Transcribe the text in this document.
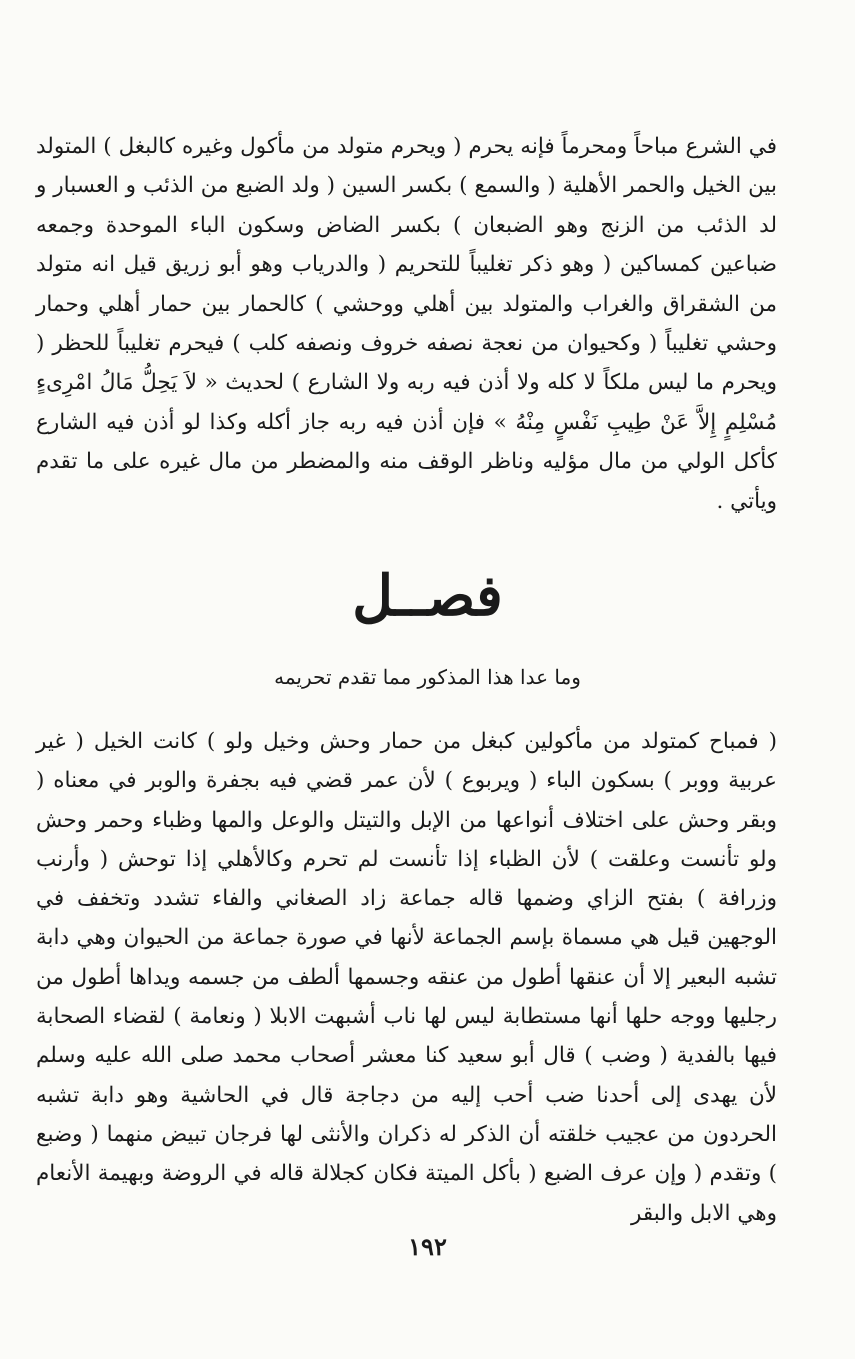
في الشرع مباحاً ومحرماً فإنه يحرم ( ويحرم متولد من مأكول وغيره كالبغل ) المتولد بين الخيل والحمر الأهلية ( والسمع ) بكسر السين ( ولد الضبع من الذئب و العسبار و لد الذئب من الزنج وهو الضبعان ) بكسر الضاض وسكون الباء الموحدة وجمعه ضباعين كمساكين ( وهو ذكر تغليباً للتحريم ( والدرياب وهو أبو زريق قيل انه متولد من الشقراق والغراب والمتولد بين أهلي ووحشي ) كالحمار بين حمار أهلي وحمار وحشي تغليباً ( وكحيوان من نعجة نصفه خروف ونصفه كلب ) فيحرم تغليباً للحظر ( ويحرم ما ليس ملكاً لا كله ولا أذن فيه ربه ولا الشارع ) لحديث « لاَ يَحِلُّ مَالُ امْرِىءٍ مُسْلِمٍ إِلاَّ عَنْ طِيبِ نَفْسٍ مِنْهُ » فإن أذن فيه ربه جاز أكله وكذا لو أذن فيه الشارع كأكل الولي من مال مؤليه وناظر الوقف منه والمضطر من مال غيره على ما تقدم ويأتي .

فصــل

وما عدا هذا المذكور مما تقدم تحريمه

( فمباح كمتولد من مأكولين كبغل من حمار وحش وخيل ولو ) كانت الخيل ( غير عربية ووبر ) بسكون الباء ( ويربوع ) لأن عمر قضي فيه بجفرة والوبر في معناه ( وبقر وحش على اختلاف أنواعها من الإبل والتيتل والوعل والمها وظباء وحمر وحش ولو تأنست وعلقت ) لأن الظباء إذا تأنست لم تحرم وكالأهلي إذا توحش ( وأرنب وزرافة ) بفتح الزاي وضمها قاله جماعة زاد الصغاني والفاء تشدد وتخفف في الوجهين قيل هي مسماة بإسم الجماعة لأنها في صورة جماعة من الحيوان وهي دابة تشبه البعير إلا أن عنقها أطول من عنقه وجسمها ألطف من جسمه ويداها أطول من رجليها ووجه حلها أنها مستطابة ليس لها ناب أشبهت الابلا ( ونعامة ) لقضاء الصحابة فيها بالفدية ( وضب ) قال أبو سعيد كنا معشر أصحاب محمد صلى الله عليه وسلم لأن يهدى إلى أحدنا ضب أحب إليه من دجاجة قال في الحاشية وهو دابة تشبه الحردون من عجيب خلقته أن الذكر له ذكران والأنثى لها فرجان تبيض منهما ( وضبع ) وتقدم ( وإن عرف الضبع ( بأكل الميتة فكان كجلالة قاله في الروضة وبهيمة الأنعام وهي الابل والبقر

١٩٢
